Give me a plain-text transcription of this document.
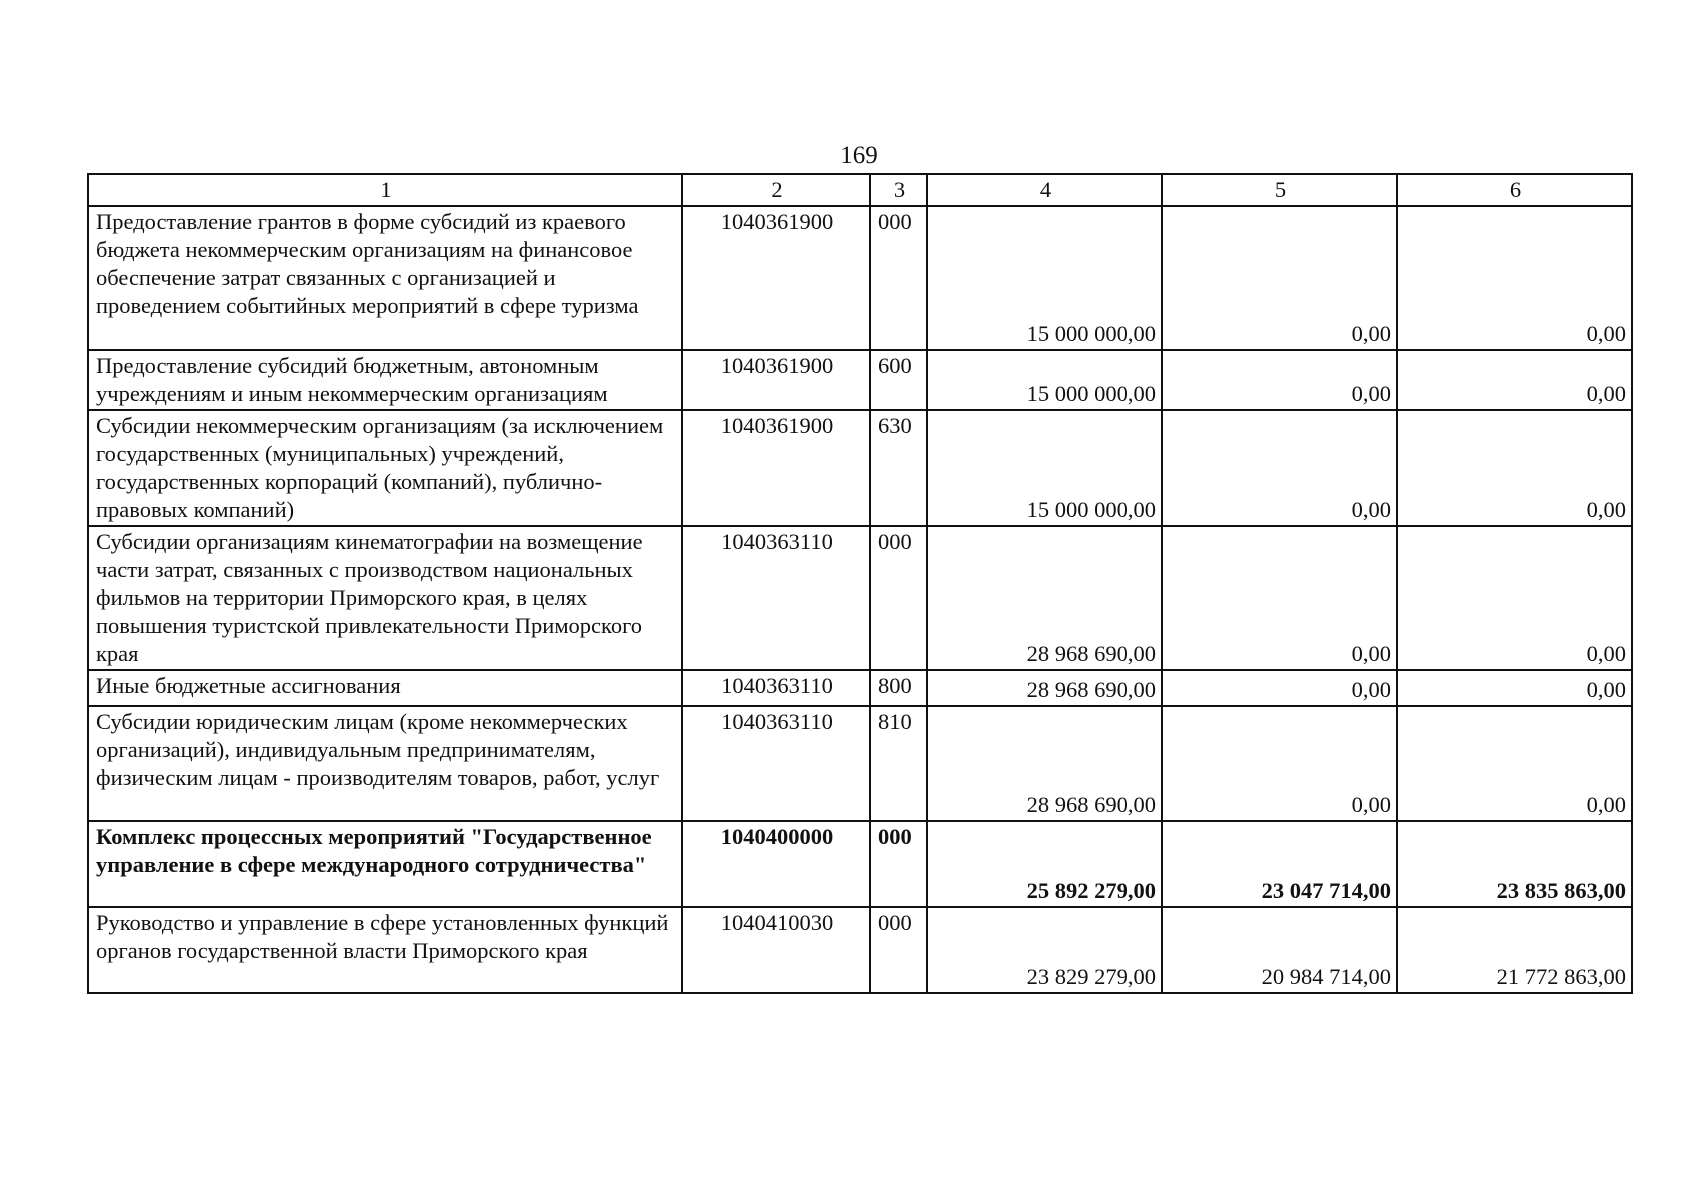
169
1	2	3	4	5	6
Предоставление грантов в форме субсидий из краевого бюджета некоммерческим организациям на финансовое обеспечение затрат связанных с организацией и проведением событийных мероприятий в сфере туризма	1040361900	000	15 000 000,00	0,00	0,00
Предоставление субсидий бюджетным, автономным учреждениям и иным некоммерческим организациям	1040361900	600	15 000 000,00	0,00	0,00
Субсидии некоммерческим организациям (за исключением государственных (муниципальных) учреждений, государственных корпораций (компаний), публично-правовых компаний)	1040361900	630	15 000 000,00	0,00	0,00
Субсидии организациям кинематографии на возмещение части затрат, связанных с производством национальных фильмов на территории Приморского края, в целях повышения туристской привлекательности Приморского края	1040363110	000	28 968 690,00	0,00	0,00
Иные бюджетные ассигнования	1040363110	800	28 968 690,00	0,00	0,00
Субсидии юридическим лицам (кроме некоммерческих организаций), индивидуальным предпринимателям, физическим лицам - производителям товаров, работ, услуг	1040363110	810	28 968 690,00	0,00	0,00
Комплекс процессных мероприятий "Государственное управление в сфере международного сотрудничества"	1040400000	000	25 892 279,00	23 047 714,00	23 835 863,00
Руководство и управление в сфере установленных функций органов государственной власти Приморского края	1040410030	000	23 829 279,00	20 984 714,00	21 772 863,00
